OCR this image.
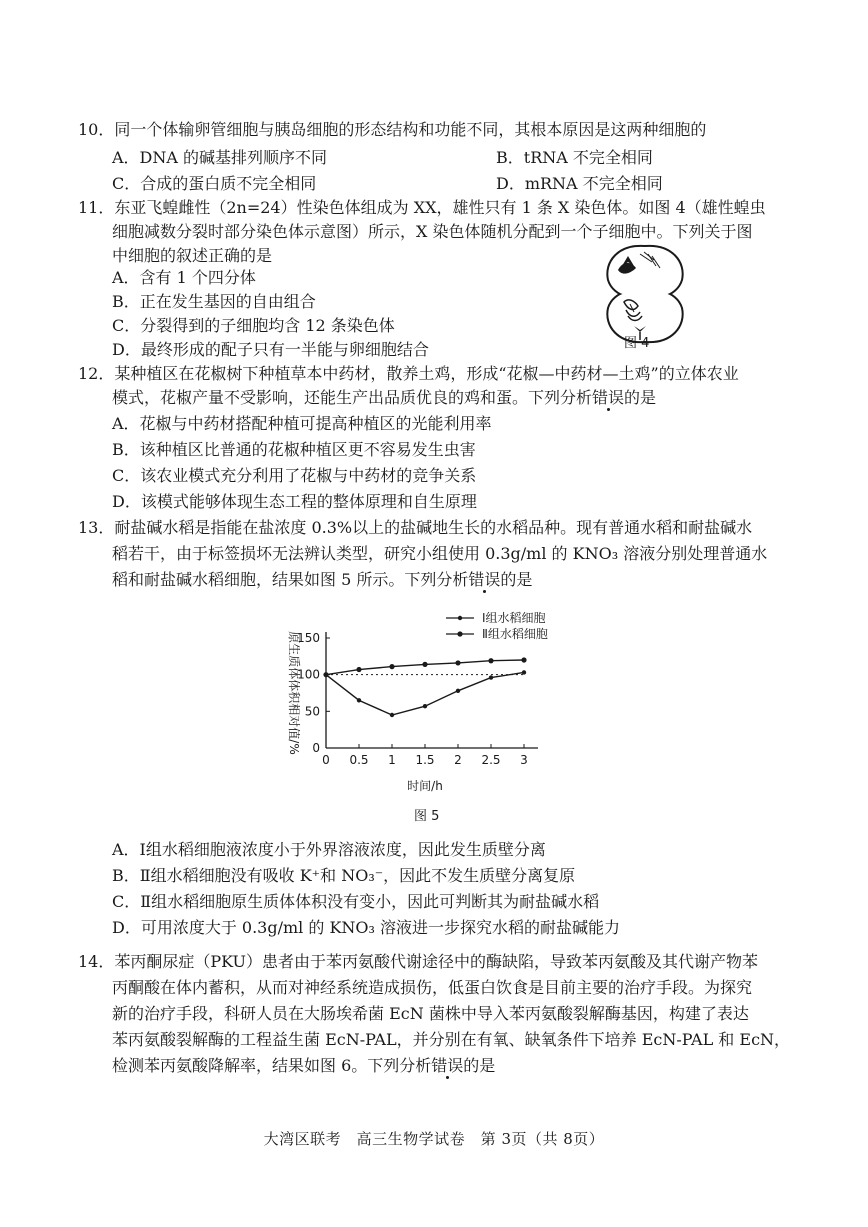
10．同一个体输卵管细胞与胰岛细胞的形态结构和功能不同，其根本原因是这两种细胞的
A．DNA 的碱基排列顺序不同	B．tRNA 不完全相同
C．合成的蛋白质不完全相同	D．mRNA 不完全相同
11．东亚飞蝗雌性（2n=24）性染色体组成为 XX，雄性只有 1 条 X 染色体。如图 4（雄性蝗虫
细胞减数分裂时部分染色体示意图）所示，X 染色体随机分配到一个子细胞中。下列关于图
中细胞的叙述正确的是
A．含有 1 个四分体
B．正在发生基因的自由组合
C．分裂得到的子细胞均含 12 条染色体
D．最终形成的配子只有一半能与卵细胞结合	图 4
12．某种植区在花椒树下种植草本中药材，散养土鸡，形成“花椒—中药材—土鸡”的立体农业
模式，花椒产量不受影响，还能生产出品质优良的鸡和蛋。下列分析错误的是
A．花椒与中药材搭配种植可提高种植区的光能利用率
B．该种植区比普通的花椒种植区更不容易发生虫害
C．该农业模式充分利用了花椒与中药材的竞争关系
D．该模式能够体现生态工程的整体原理和自生原理
13．耐盐碱水稻是指能在盐浓度 0.3%以上的盐碱地生长的水稻品种。现有普通水稻和耐盐碱水
稻若干，由于标签损坏无法辨认类型，研究小组使用 0.3g/ml 的 KNO₃ 溶液分别处理普通水
稻和耐盐碱水稻细胞，结果如图 5 所示。下列分析错误的是
0 0.5 1 1.5 2 2.5 3
0
50
100
150
时间/h
原生质体体积相对值/%
Ⅰ组水稻细胞
Ⅱ组水稻细胞
图 5
A．Ⅰ组水稻细胞液浓度小于外界溶液浓度，因此发生质壁分离
B．Ⅱ组水稻细胞没有吸收 K⁺和 NO₃⁻，因此不发生质壁分离复原
C．Ⅱ组水稻细胞原生质体体积没有变小，因此可判断其为耐盐碱水稻
D．可用浓度大于 0.3g/ml 的 KNO₃ 溶液进一步探究水稻的耐盐碱能力
14．苯丙酮尿症（PKU）患者由于苯丙氨酸代谢途径中的酶缺陷，导致苯丙氨酸及其代谢产物苯
丙酮酸在体内蓄积，从而对神经系统造成损伤，低蛋白饮食是目前主要的治疗手段。为探究
新的治疗手段，科研人员在大肠埃希菌 EcN 菌株中导入苯丙氨酸裂解酶基因，构建了表达
苯丙氨酸裂解酶的工程益生菌 EcN-PAL，并分别在有氧、缺氧条件下培养 EcN-PAL 和 EcN，
检测苯丙氨酸降解率，结果如图 6。下列分析错误的是
大湾区联考　高三生物学试卷　第 3页（共 8页）
